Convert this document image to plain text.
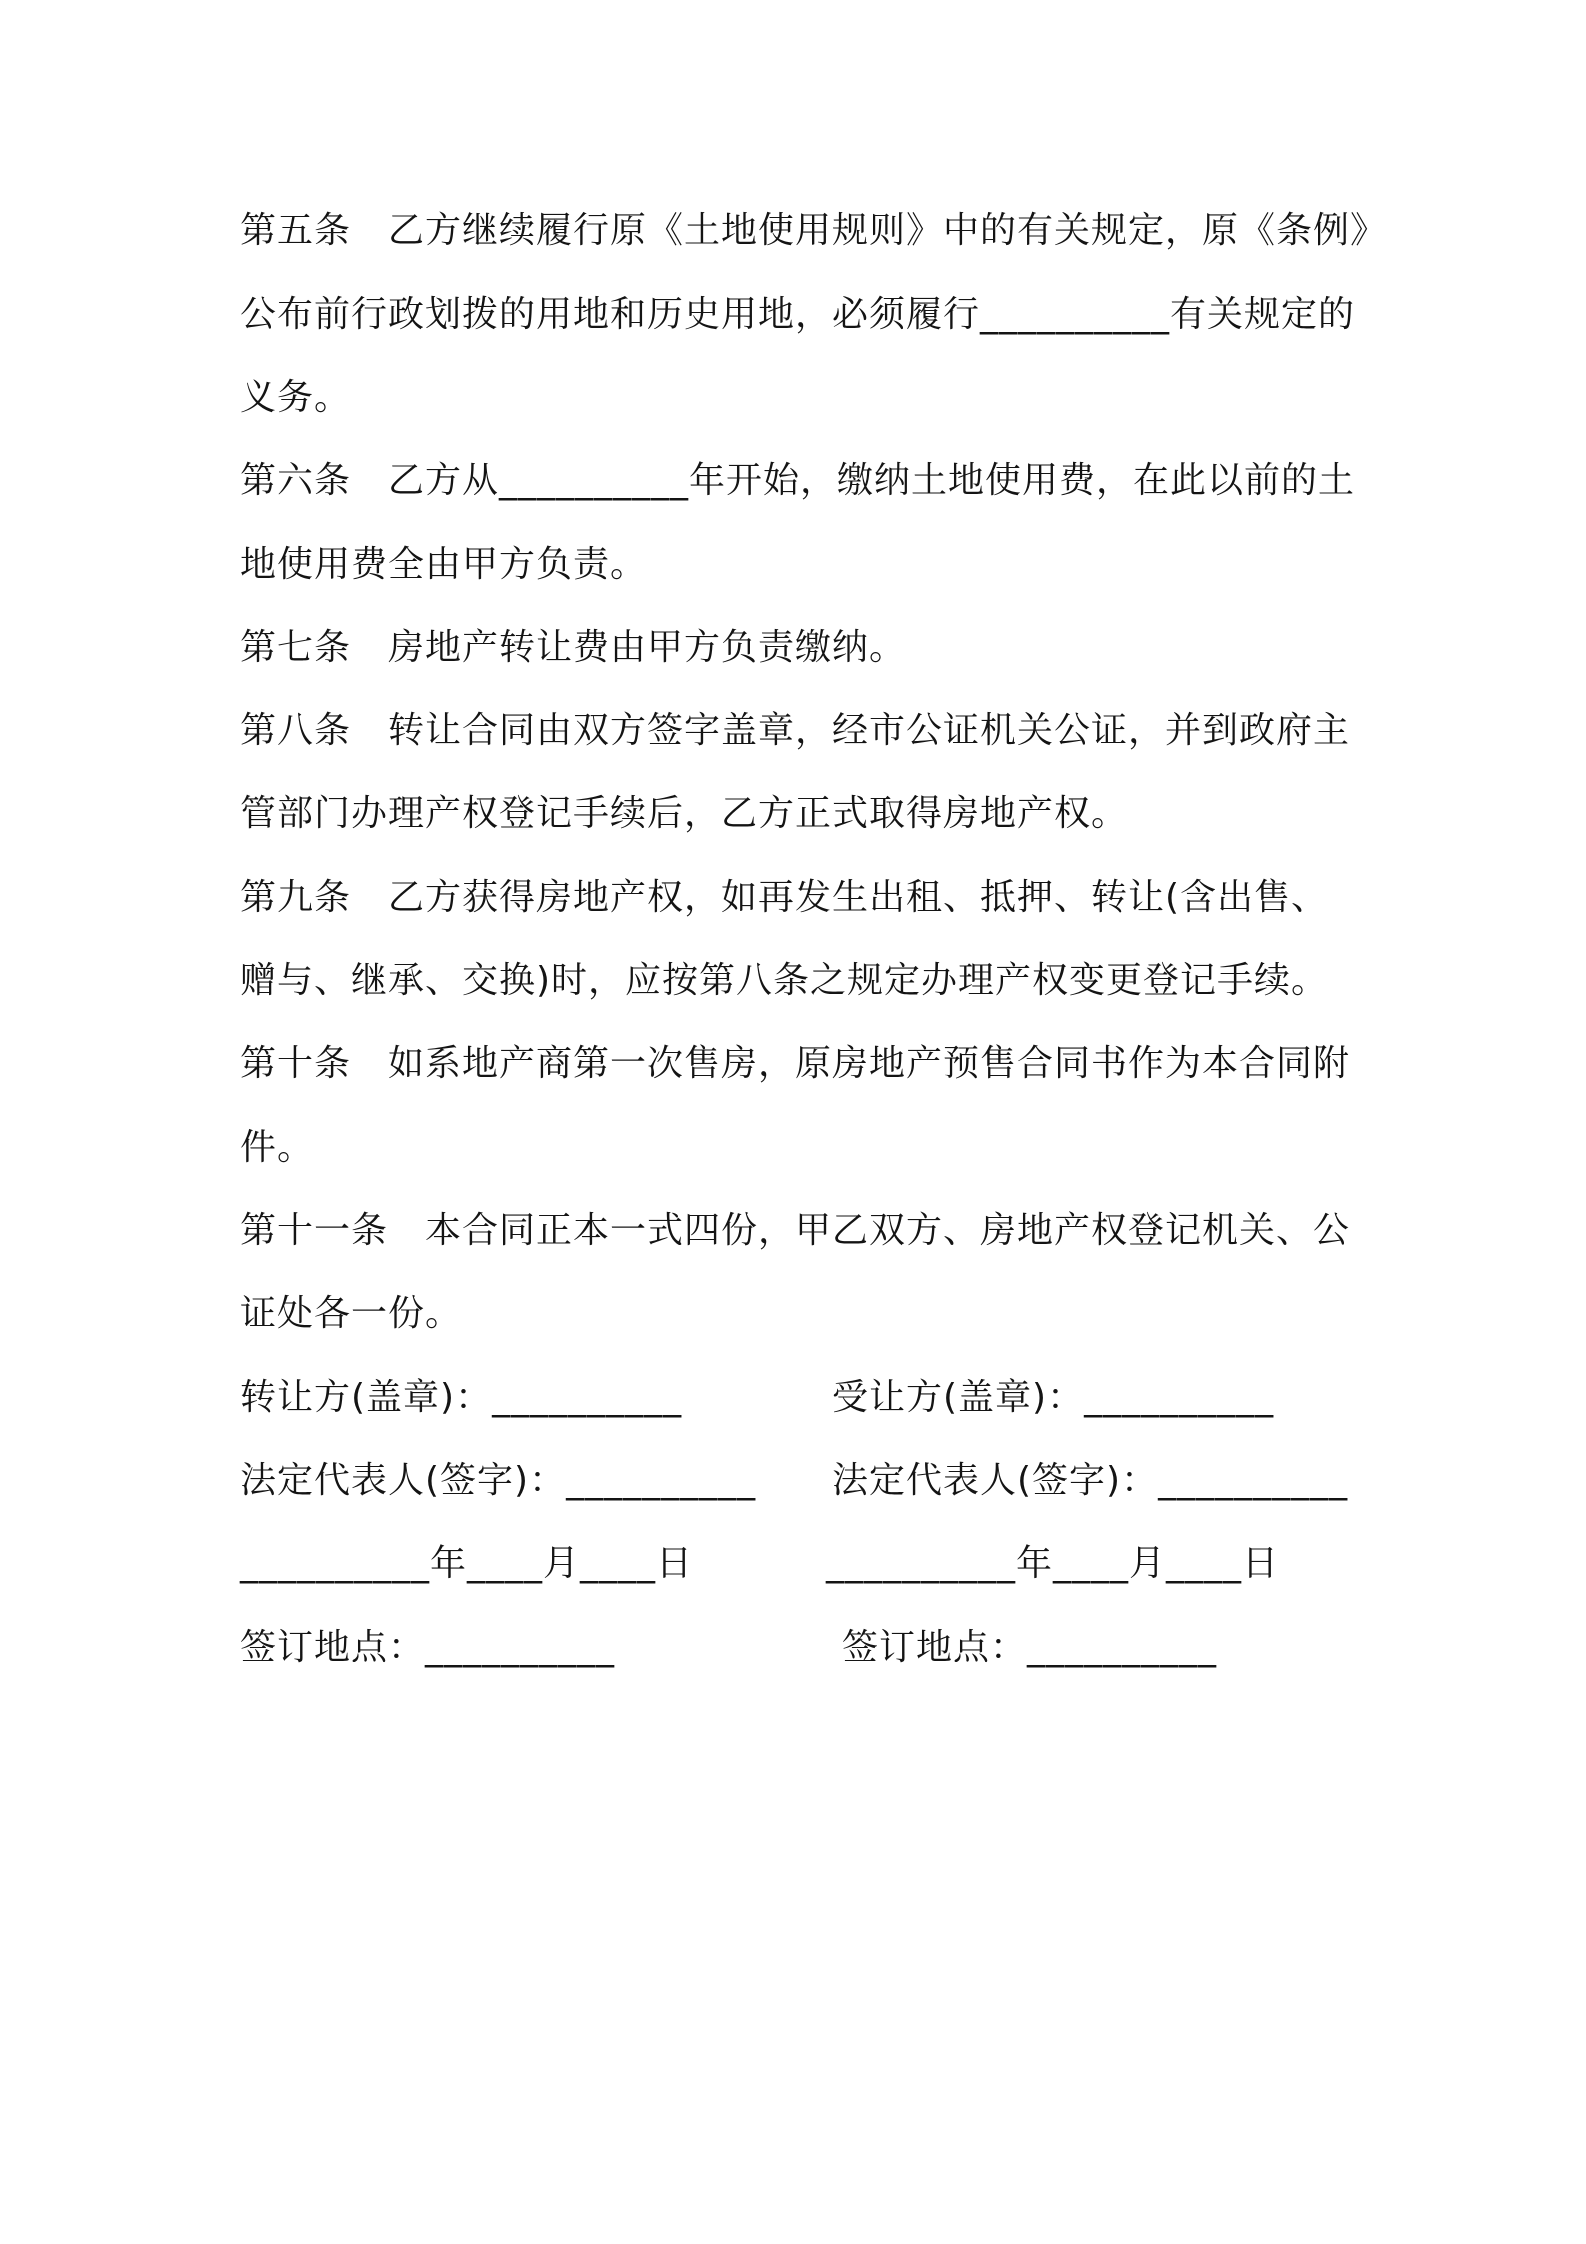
第五条　乙方继续履行原《土地使用规则》中的有关规定，原《条例》
公布前行政划拨的用地和历史用地，必须履行__________有关规定的
义务。
第六条　乙方从__________年开始，缴纳土地使用费，在此以前的土
地使用费全由甲方负责。
第七条　房地产转让费由甲方负责缴纳。
第八条　转让合同由双方签字盖章，经市公证机关公证，并到政府主
管部门办理产权登记手续后，乙方正式取得房地产权。
第九条　乙方获得房地产权，如再发生出租、抵押、转让(含出售、
赠与、继承、交换)时，应按第八条之规定办理产权变更登记手续。
第十条　如系地产商第一次售房，原房地产预售合同书作为本合同附
件。
第十一条　本合同正本一式四份，甲乙双方、房地产权登记机关、公
证处各一份。
转让方(盖章)：__________	受让方(盖章)：__________
法定代表人(签字)：__________ 法定代表人(签字)：__________
__________年____月____日	__________年____月____日
签订地点：__________	签订地点：__________
